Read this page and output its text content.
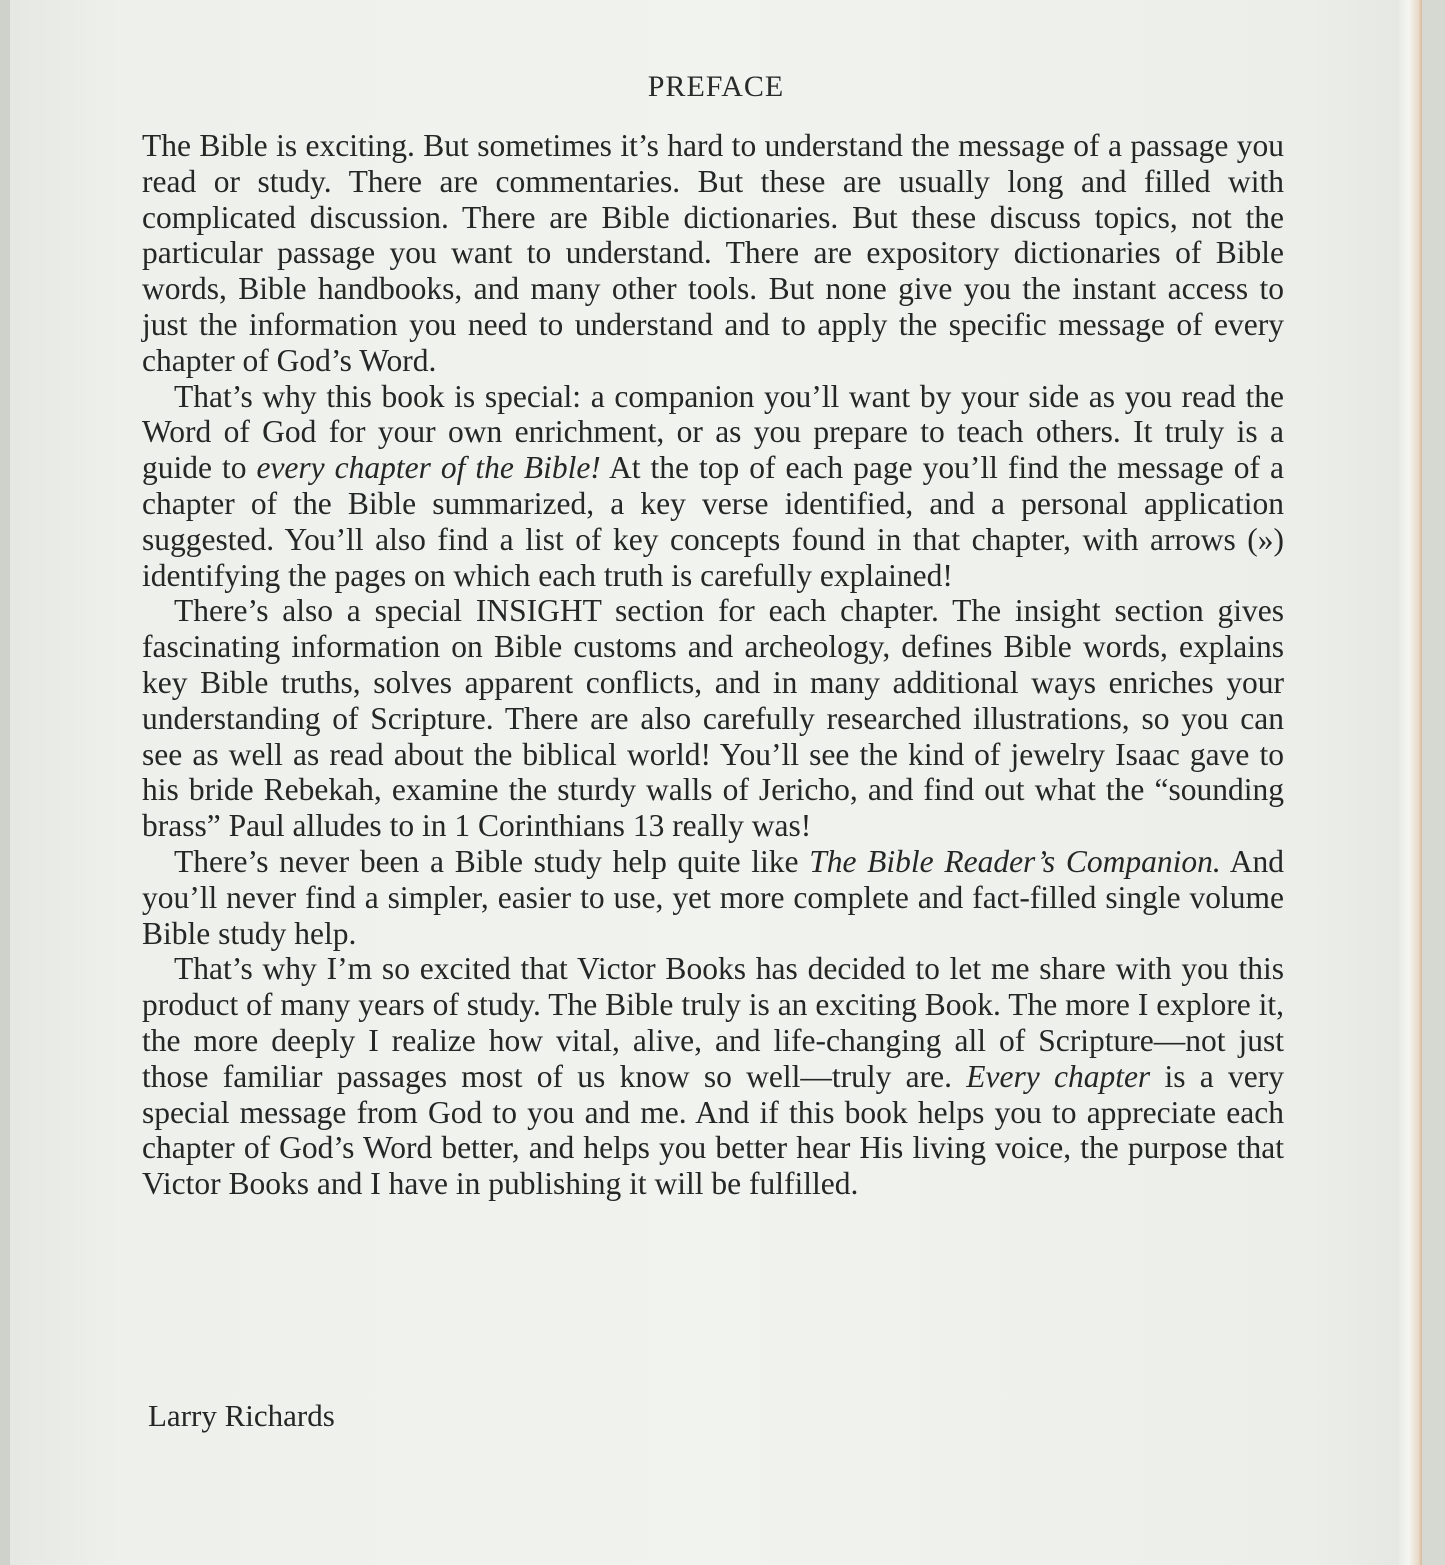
PREFACE

The Bible is exciting. But sometimes it’s hard to understand the message of a passage you read or study. There are commentaries. But these are usually long and filled with complicated discussion. There are Bible dictionaries. But these discuss topics, not the particular passage you want to understand. There are expository dictionaries of Bible words, Bible handbooks, and many other tools. But none give you the instant access to just the information you need to understand and to apply the specific message of every chapter of God’s Word.

That’s why this book is special: a companion you’ll want by your side as you read the Word of God for your own enrichment, or as you prepare to teach others. It truly is a guide to every chapter of the Bible! At the top of each page you’ll find the message of a chapter of the Bible summarized, a key verse identified, and a personal application suggested. You’ll also find a list of key concepts found in that chapter, with arrows (») identifying the pages on which each truth is carefully explained!

There’s also a special INSIGHT section for each chapter. The insight section gives fascinating information on Bible customs and archeology, defines Bible words, explains key Bible truths, solves apparent conflicts, and in many additional ways enriches your understanding of Scripture. There are also carefully researched illustrations, so you can see as well as read about the biblical world! You’ll see the kind of jewelry Isaac gave to his bride Rebekah, examine the sturdy walls of Jericho, and find out what the “sounding brass” Paul alludes to in 1 Corinthians 13 really was!

There’s never been a Bible study help quite like The Bible Reader’s Companion. And you’ll never find a simpler, easier to use, yet more complete and fact-filled single volume Bible study help.

That’s why I’m so excited that Victor Books has decided to let me share with you this product of many years of study. The Bible truly is an exciting Book. The more I explore it, the more deeply I realize how vital, alive, and life-changing all of Scripture—not just those familiar passages most of us know so well—truly are. Every chapter is a very special message from God to you and me. And if this book helps you to appreciate each chapter of God’s Word better, and helps you better hear His living voice, the purpose that Victor Books and I have in publishing it will be fulfilled.

Larry Richards
